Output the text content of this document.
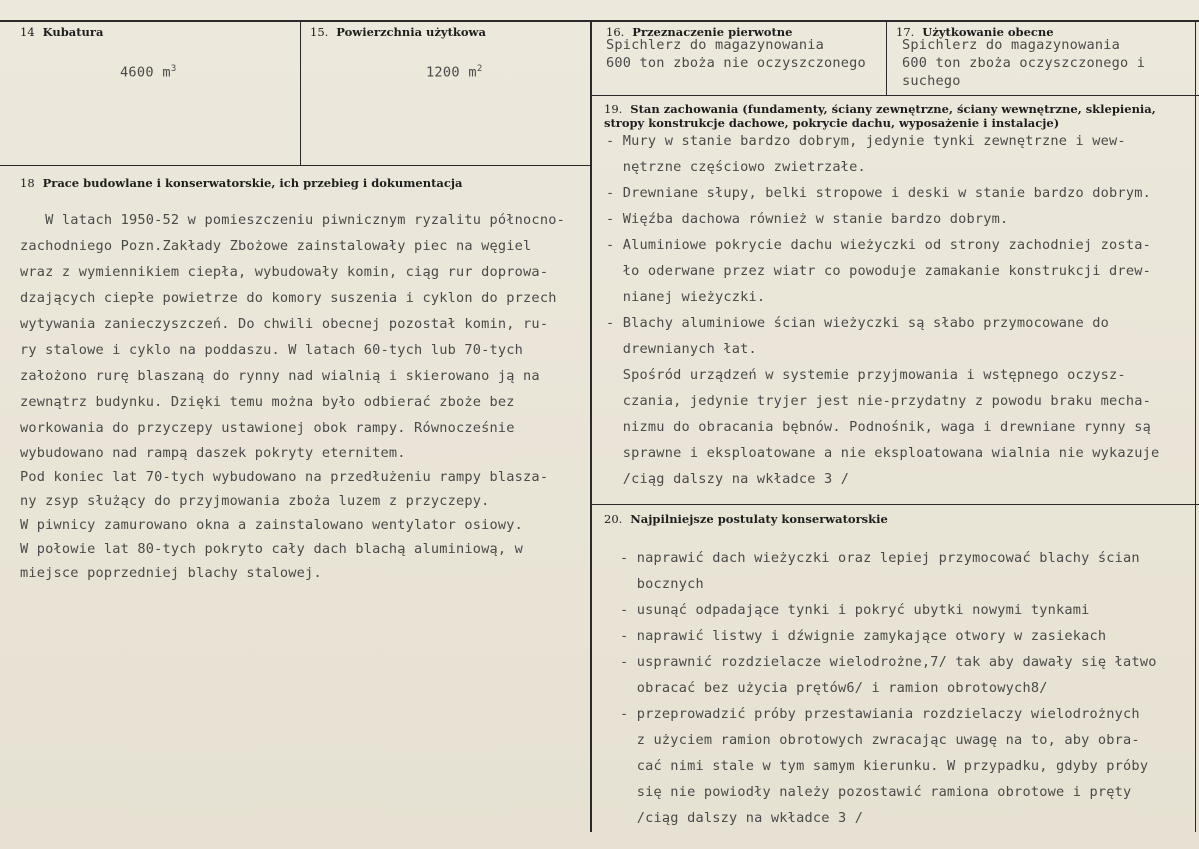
14 Kubatura

4600 $m^3$

15. Powierzchnia użytkowa

1200 $m^2$

16. Przeznaczenie pierwotne
Spichlerz do magazynowania
600 ton zboża nie oczyszczonego
17. Użytkowanie obecne
Spichlerz do magazynowania
600 ton zboża oczyszczonego i
suchego
18 Prace budowlane i konserwatorskie, ich przebieg i dokumentacja
W latach 1950-52 w pomieszczeniu piwnicznym ryzalitu północno-
zachodniego Pozn.Zakłady Zbożowe zainstalowały piec na węgiel
wraz z wymiennikiem ciepła, wybudowały komin, ciąg rur doprowa-
dzających ciepłe powietrze do komory suszenia i cyklon do przech
wytywania zanieczyszczeń. Do chwili obecnej pozostał komin, ru-
ry stalowe i cyklo na poddaszu. W latach 60-tych lub 70-tych
założono rurę blaszaną do rynny nad wialnią i skierowano ją na
zewnątrz budynku. Dzięki temu można było odbierać zboże bez
workowania do przyczepy ustawionej obok rampy. Równocześnie
wybudowano nad rampą daszek pokryty eternitem.
Pod koniec lat 70-tych wybudowano na przedłużeniu rampy blasza-
ny zsyp służący do przyjmowania zboża luzem z przyczepy.
W piwnicy zamurowano okna a zainstalowano wentylator osiowy.
W połowie lat 80-tych pokryto cały dach blachą aluminiową, w
miejsce poprzedniej blachy stalowej.
19. Stan zachowania (fundamenty, ściany zewnętrzne, ściany wewnętrzne, sklepienia, stropy konstrukcje dachowe, pokrycie dachu, wyposażenie i instalacje)
- Mury w stanie bardzo dobrym, jedynie tynki zewnętrzne i wew-
nętrzne częściowo zwietrzałe.
- Drewniane słupy, belki stropowe i deski w stanie bardzo dobrym.
- Więźba dachowa również w stanie bardzo dobrym.
- Aluminiowe pokrycie dachu wieżyczki od strony zachodniej zosta-
ło oderwane przez wiatr co powoduje zamakanie konstrukcji drew-
nianej wieżyczki.
- Blachy aluminiowe ścian wieżyczki są słabo przymocowane do
drewnianych łat.
Spośród urządzeń w systemie przyjmowania i wstępnego oczysz-
czania, jedynie tryjer jest nie-przydatny z powodu braku mecha-
nizmu do obracania bębnów. Podnośnik, waga i drewniane rynny są
sprawne i eksploatowane a nie eksploatowana wialnia nie wykazuje
/ciąg dalszy na wkładce 3 /
20. Najpilniejsze postulaty konserwatorskie
- naprawić dach wieżyczki oraz lepiej przymocować blachy ścian
bocznych
- usunąć odpadające tynki i pokryć ubytki nowymi tynkami
- naprawić listwy i dźwignie zamykające otwory w zasiekach
- usprawnić rozdzielacze wielodrożne,7/ tak aby dawały się łatwo
obracać bez użycia prętów6/ i ramion obrotowych8/
- przeprowadzić próby przestawiania rozdzielaczy wielodrożnych
z użyciem ramion obrotowych zwracając uwagę na to, aby obra-
cać nimi stale w tym samym kierunku. W przypadku, gdyby próby
się nie powiodły należy pozostawić ramiona obrotowe i pręty
/ciąg dalszy na wkładce 3 /
